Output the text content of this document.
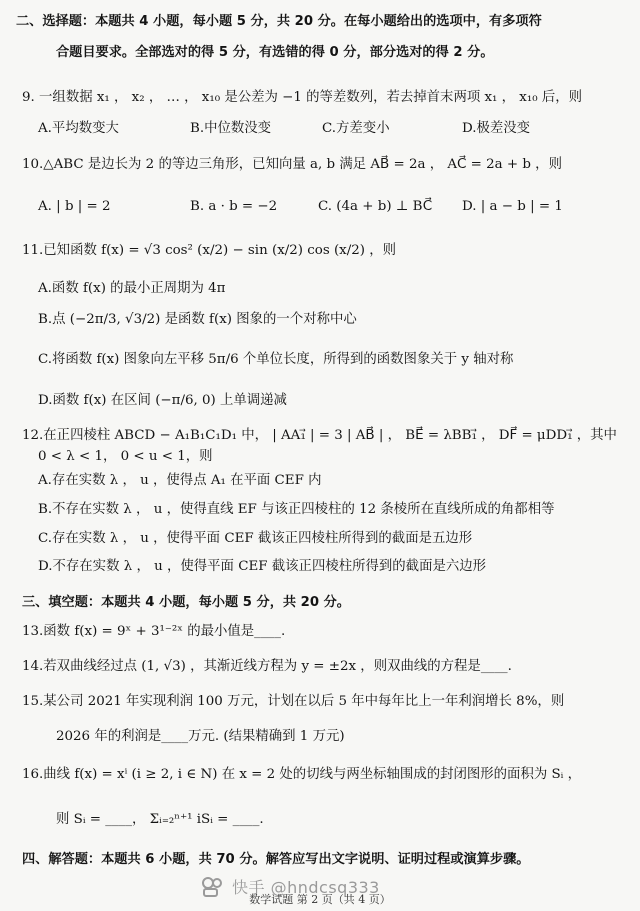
二、选择题：本题共 4 小题，每小题 5 分，共 20 分。在每小题给出的选项中，有多项符
合题目要求。全部选对的得 5 分，有选错的得 0 分，部分选对的得 2 分。
9. 一组数据 x₁ ， x₂ ， … ， x₁₀ 是公差为 −1 的等差数列，若去掉首末两项 x₁ ， x₁₀ 后，则
A.平均数变大	B.中位数没变	C.方差变小	D.极差没变
10.△ABC 是边长为 2 的等边三角形，已知向量 a, b 满足 AB⃗ = 2a ， AC⃗ = 2a + b ，则
A. | b | = 2	B. a · b = −2	C. (4a + b) ⊥ BC⃗ D. | a − b | = 1
11.已知函数 f(x) = √3 cos² (x/2) − sin (x/2) cos (x/2) ，则
A.函数 f(x) 的最小正周期为 4π
B.点 (−2π/3, √3/2) 是函数 f(x) 图象的一个对称中心
C.将函数 f(x) 图象向左平移 5π/6 个单位长度，所得到的函数图象关于 y 轴对称
D.函数 f(x) 在区间 (−π/6, 0) 上单调递减
12.在正四棱柱 ABCD − A₁B₁C₁D₁ 中， | AA₁⃗ | = 3 | AB⃗ | ， BE⃗ = λBB₁⃗ ， DF⃗ = μDD₁⃗ ，其中
0 < λ < 1， 0 < u < 1，则
A.存在实数 λ ， u ，使得点 A₁ 在平面 CEF 内
B.不存在实数 λ ， u ，使得直线 EF 与该正四棱柱的 12 条棱所在直线所成的角都相等
C.存在实数 λ ， u ，使得平面 CEF 截该正四棱柱所得到的截面是五边形
D.不存在实数 λ ， u ，使得平面 CEF 截该正四棱柱所得到的截面是六边形
三、填空题：本题共 4 小题，每小题 5 分，共 20 分。
13.函数 f(x) = 9ˣ + 3¹⁻²ˣ 的最小值是____.
14.若双曲线经过点 (1, √3) ，其渐近线方程为 y = ±2x ，则双曲线的方程是____.
15.某公司 2021 年实现利润 100 万元，计划在以后 5 年中每年比上一年利润增长 8%，则
2026 年的利润是____万元. (结果精确到 1 万元)
16.曲线 f(x) = xⁱ (i ≥ 2, i ∈ N) 在 x = 2 处的切线与两坐标轴围成的封闭图形的面积为 Sᵢ ，
则 Sᵢ = ____， Σᵢ₌₂ⁿ⁺¹ iSᵢ = ____.
四、解答题：本题共 6 小题，共 70 分。解答应写出文字说明、证明过程或演算步骤。
快手 @hndcsq333
数学试题 第 2 页（共 4 页）
